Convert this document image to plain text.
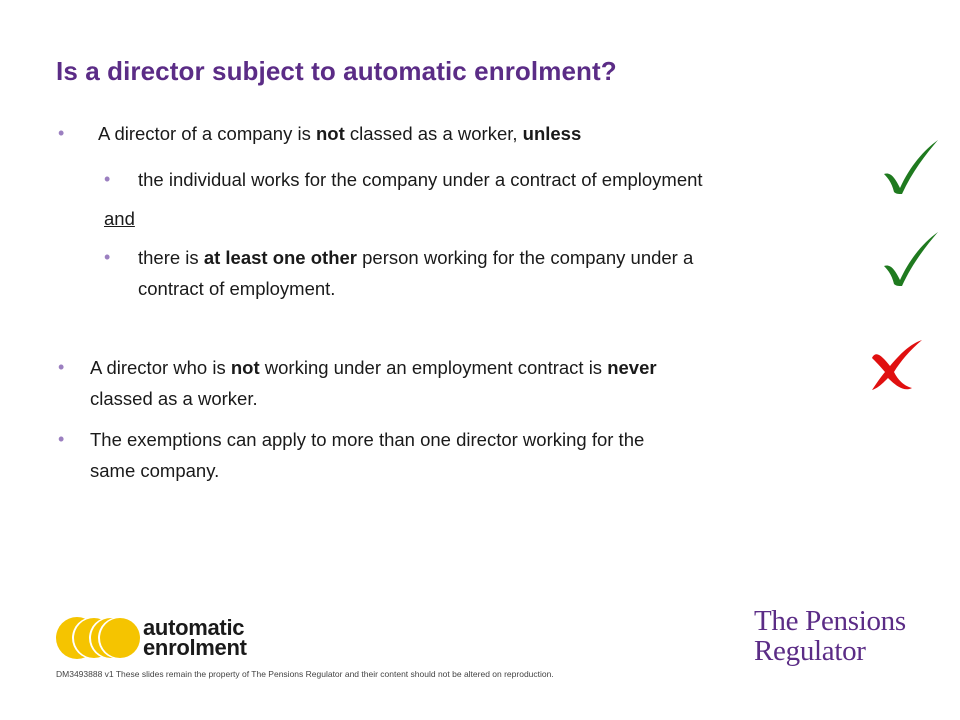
Is a director subject to automatic enrolment?

• A director of a company is not classed as a worker, unless

• the individual works for the company under a contract of employment

and

• there is at least one other person working for the company under a
contract of employment.

• A director who is not working under an employment contract is never
classed as a worker.

• The exemptions can apply to more than one director working for the
same company.

automatic
enrolment
DM3493888 v1 These slides remain the property of The Pensions Regulator and their content should not be altered on reproduction.
The Pensions
Regulator
